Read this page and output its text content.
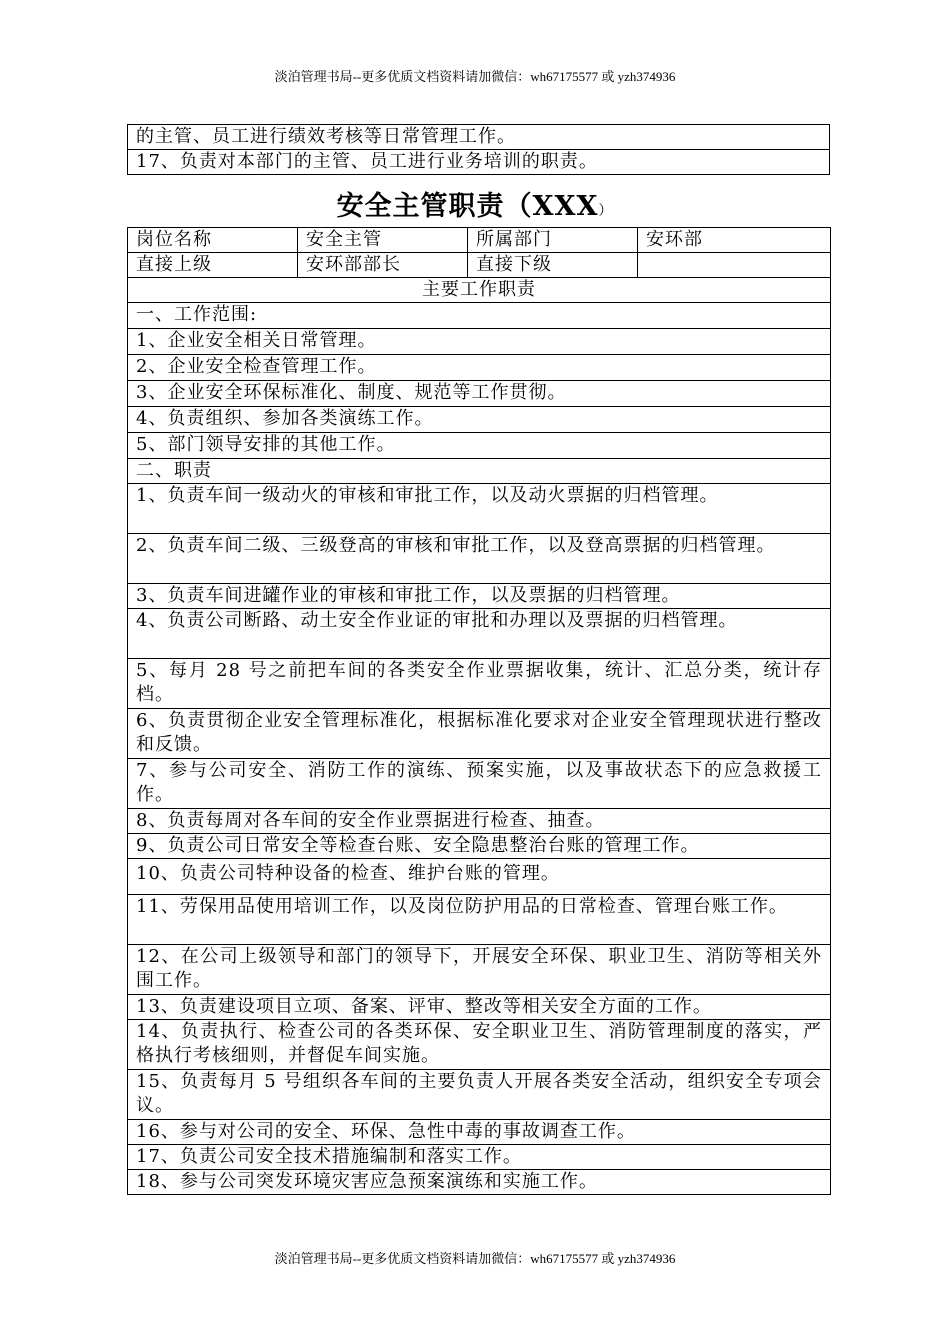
淡泊管理书局--更多优质文档资料请加微信：wh67175577 或 yzh374936
的主管、员工进行绩效考核等日常管理工作。
17、负责对本部门的主管、员工进行业务培训的职责。
安全主管职责（XXX）
岗位名称	安全主管	所属部门	安环部
直接上级	安环部部长	直接下级	
主要工作职责			
一、工作范围:			
1、企业安全相关日常管理。			
2、企业安全检查管理工作。			
3、企业安全环保标准化、制度、规范等工作贯彻。			
4、负责组织、参加各类演练工作。			
5、部门领导安排的其他工作。			
二、职责			
1、负责车间一级动火的审核和审批工作，以及动火票据的归档管理。			
2、负责车间二级、三级登高的审核和审批工作，以及登高票据的归档管理。			
3、负责车间进罐作业的审核和审批工作，以及票据的归档管理。			
4、负责公司断路、动土安全作业证的审批和办理以及票据的归档管理。			
5、每月 28 号之前把车间的各类安全作业票据收集，统计、汇总分类，统计存档。			
6、负责贯彻企业安全管理标准化，根据标准化要求对企业安全管理现状进行整改和反馈。			
7、参与公司安全、消防工作的演练、预案实施，以及事故状态下的应急救援工作。			
8、负责每周对各车间的安全作业票据进行检查、抽查。			
9、负责公司日常安全等检查台账、安全隐患整治台账的管理工作。			
10、负责公司特种设备的检查、维护台账的管理。			
11、劳保用品使用培训工作，以及岗位防护用品的日常检查、管理台账工作。			
12、在公司上级领导和部门的领导下，开展安全环保、职业卫生、消防等相关外围工作。			
13、负责建设项目立项、备案、评审、整改等相关安全方面的工作。			
14、负责执行、检查公司的各类环保、安全职业卫生、消防管理制度的落实，严格执行考核细则，并督促车间实施。			
15、负责每月 5 号组织各车间的主要负责人开展各类安全活动，组织安全专项会议。			
16、参与对公司的安全、环保、急性中毒的事故调查工作。			
17、负责公司安全技术措施编制和落实工作。			
18、参与公司突发环境灾害应急预案演练和实施工作。			
淡泊管理书局--更多优质文档资料请加微信：wh67175577 或 yzh374936
